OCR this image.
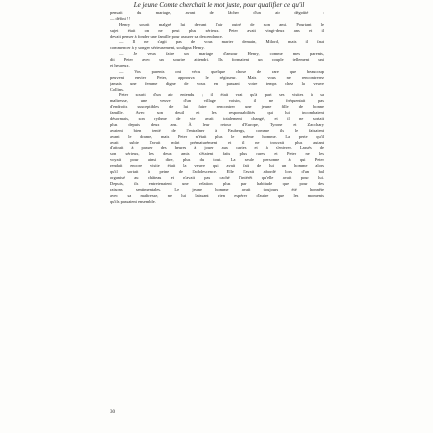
Le jeune Comte cherchait le mot juste, pour qualifier ce qu'il
pensait du mariage, avant de lâcher d'un air dégoûté :
— défini !!
Henry sourit malgré lui devant l'air outré de son ami. Pourtant le
sujet était on ne peut plus sérieux. Peter avait vingt-deux ans et il
devait penser à fonder une famille pour assurer sa descendance.
— Il ne s'agit pas de vous marier demain, Milord, mais il faut
commencer à y songer sérieusement, souligna Henry.
— Je veux faire un mariage d'amour Henry, comme mes parents,
dit Peter avec un sourire attendri. Ils formaient un couple tellement uni
et heureux.
— Vos parents ont vécu quelque chose de rare que beaucoup
peuvent envier Peter, approuva le régisseur. Mais vous ne rencontrerez
jamais une femme digne de vous en passant votre temps chez la veuve
Collins.
Peter sourit d'un air entendu ; il était vrai qu'à part ses visites à sa
maîtresse, une veuve d'un village voisin, il ne fréquentait pas
d'endroits susceptibles de lui faire rencontrer une jeune fille de bonne
famille. Avec son deuil et les responsabilités qui lui incombaient
désormais, son rythme de vie avait totalement changé, et il ne sortait
plus depuis deux ans. À leur retour d'Europe, Tyrone et Zacchary
avaient bien tenté de l'entraîner à Faubergs, comme ils le faisaient
avant le drame, mais Peter n'était plus le même homme. La perte qu'il
avait subie l'avait mûri prématurément et il ne trouvait plus autant
d'attrait à passer des heures à jouer aux cartes et à s'enivrer. Lassés de
son sérieux, les deux amis s'étaient faits plus rares et Peter ne les
voyait pour ainsi dire, plus du tout. La seule personne à qui Peter
rendait encore visite était la veuve qui avait fait de lui un homme alors
qu'il sortait à peine de l'adolescence. Elle l'avait abordé lors d'un bal
organisé au château et n'avait pas caché l'intérêt qu'elle avait pour lui.
Depuis, ils entretenaient une relation plus par habitude que pour des
raisons sentimentales. Le jeune homme avait toujours été honnête
avec sa maîtresse, ne lui laissant rien espérer d'autre que les moments
qu'ils passaient ensemble.
30
